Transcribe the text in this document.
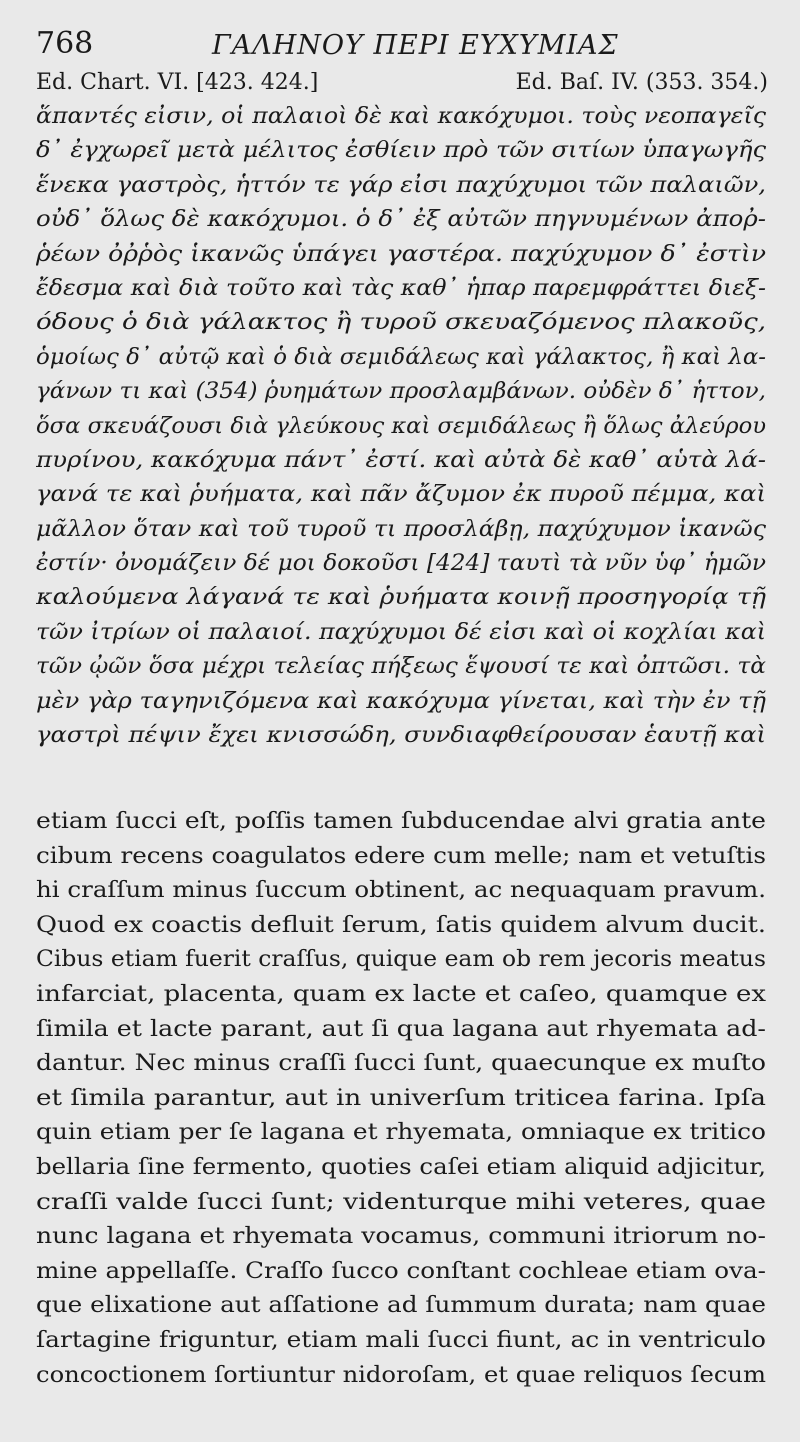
768	ΓΑΛΗΝΟΥ ΠΕΡΙ ΕΥΧΥΜΙΑΣ
Ed. Chart. VI. [423. 424.]	Ed. Baſ. IV. (353. 354.)
ἅπαντές εἰσιν, οἱ παλαιοὶ δὲ καὶ κακόχυμοι. τοὺς νεοπαγεῖς
δ᾽ ἐγχωρεῖ μετὰ μέλιτος ἐσθίειν πρὸ τῶν σιτίων ὑπαγωγῆς
ἕνεκα γαστρὸς, ἧττόν τε γάρ εἰσι παχύχυμοι τῶν παλαιῶν,
οὐδ᾽ ὅλως δὲ κακόχυμοι. ὁ δ᾽ ἐξ αὐτῶν πηγνυμένων ἀποῤ-
ῥέων ὀῤῥὸς ἱκανῶς ὑπάγει γαστέρα. παχύχυμον δ᾽ ἐστὶν
ἔδεσμα καὶ διὰ τοῦτο καὶ τὰς καθ᾽ ἧπαρ παρεμφράττει διεξ-
όδους ὁ διὰ γάλακτος ἢ τυροῦ σκευαζόμενος πλακοῦς,
ὁμοίως δ᾽ αὐτῷ καὶ ὁ διὰ σεμιδάλεως καὶ γάλακτος, ἢ καὶ λα-
γάνων τι καὶ (354) ῥυημάτων προσλαμβάνων. οὐδὲν δ᾽ ἧττον,
ὅσα σκευάζουσι διὰ γλεύκους καὶ σεμιδάλεως ἢ ὅλως ἀλεύρου
πυρίνου, κακόχυμα πάντ᾽ ἐστί. καὶ αὐτὰ δὲ καθ᾽ αὑτὰ λά-
γανά τε καὶ ῥυήματα, καὶ πᾶν ἄζυμον ἐκ πυροῦ πέμμα, καὶ
μᾶλλον ὅταν καὶ τοῦ τυροῦ τι προσλάβῃ, παχύχυμον ἱκανῶς
ἐστίν· ὀνομάζειν δέ μοι δοκοῦσι [424] ταυτὶ τὰ νῦν ὑφ᾽ ἡμῶν
καλούμενα λάγανά τε καὶ ῥυήματα κοινῇ προσηγορίᾳ τῇ
τῶν ἰτρίων οἱ παλαιοί. παχύχυμοι δέ εἰσι καὶ οἱ κοχλίαι καὶ
τῶν ᾠῶν ὅσα μέχρι τελείας πήξεως ἕψουσί τε καὶ ὀπτῶσι. τὰ
μὲν γὰρ ταγηνιζόμενα καὶ κακόχυμα γίνεται, καὶ τὴν ἐν τῇ
γαστρὶ πέψιν ἔχει κνισσώδη, συνδιαφθείρουσαν ἑαυτῇ καὶ
etiam ſucci eſt, poſſis tamen ſubducendae alvi gratia ante
cibum recens coagulatos edere cum melle; nam et vetuſtis
hi craſſum minus ſuccum obtinent, ac nequaquam pravum.
Quod ex coactis defluit ſerum, ſatis quidem alvum ducit.
Cibus etiam fuerit craſſus, quique eam ob rem jecoris meatus
infarciat, placenta, quam ex lacte et caſeo, quamque ex
ſimila et lacte parant, aut ſi qua lagana aut rhyemata ad-
dantur. Nec minus craſſi ſucci ſunt, quaecunque ex muſto
et ſimila parantur, aut in univerſum triticea farina. Ipſa
quin etiam per ſe lagana et rhyemata, omniaque ex tritico
bellaria ſine fermento, quoties caſei etiam aliquid adjicitur,
craſſi valde ſucci ſunt; videnturque mihi veteres, quae
nunc lagana et rhyemata vocamus, communi itriorum no-
mine appellaſſe. Craſſo ſucco conſtant cochleae etiam ova-
que elixatione aut aſſatione ad ſummum durata; nam quae
ſartagine friguntur, etiam mali ſucci fiunt, ac in ventriculo
concoctionem ſortiuntur nidoroſam, et quae reliquos ſecum
